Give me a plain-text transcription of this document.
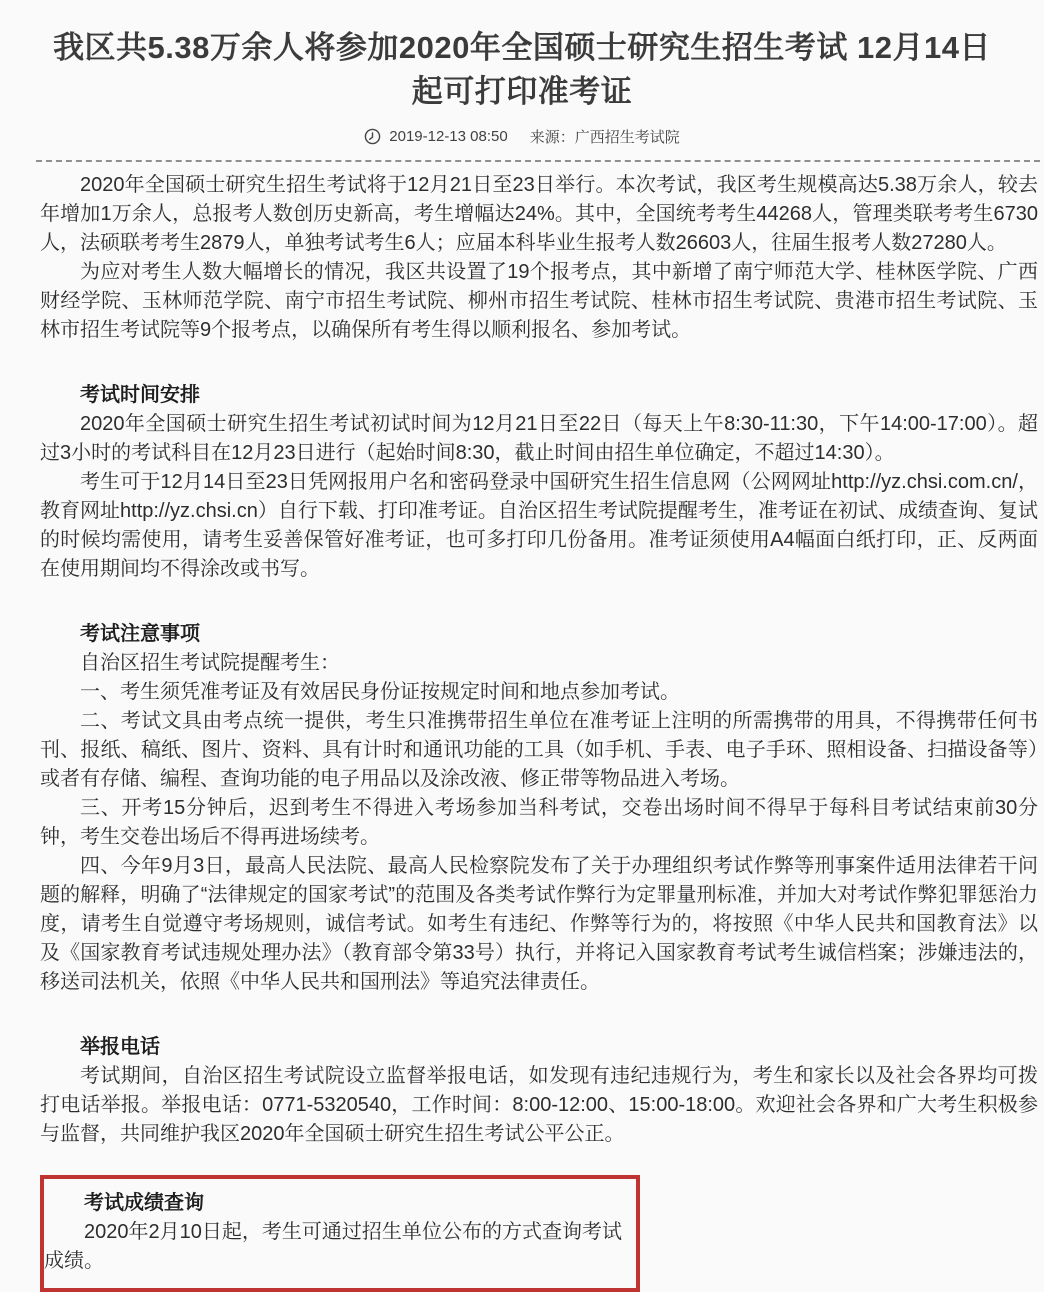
我区共5.38万余人将参加2020年全国硕士研究生招生考试 12月14日起可打印准考证
2019-12-13 08:50 来源：广西招生考试院

2020年全国硕士研究生招生考试将于12月21日至23日举行。本次考试，我区考生规模高达5.38万余人，较去年增加1万余人，总报考人数创历史新高，考生增幅达24%。其中，全国统考考生44268人，管理类联考考生6730人，法硕联考考生2879人，单独考试考生6人；应届本科毕业生报考人数26603人，往届生报考人数27280人。

为应对考生人数大幅增长的情况，我区共设置了19个报考点，其中新增了南宁师范大学、桂林医学院、广西财经学院、玉林师范学院、南宁市招生考试院、柳州市招生考试院、桂林市招生考试院、贵港市招生考试院、玉林市招生考试院等9个报考点，以确保所有考生得以顺利报名、参加考试。

考试时间安排

2020年全国硕士研究生招生考试初试时间为12月21日至22日（每天上午8:30-11:30，下午14:00-17:00）。超过3小时的考试科目在12月23日进行（起始时间8:30，截止时间由招生单位确定，不超过14:30）。

考生可于12月14日至23日凭网报用户名和密码登录中国研究生招生信息网（公网网址http://yz.chsi.com.cn/，教育网址http://yz.chsi.cn）自行下载、打印准考证。自治区招生考试院提醒考生，准考证在初试、成绩查询、复试的时候均需使用，请考生妥善保管好准考证，也可多打印几份备用。准考证须使用A4幅面白纸打印，正、反两面在使用期间均不得涂改或书写。

考试注意事项

自治区招生考试院提醒考生：

一、考生须凭准考证及有效居民身份证按规定时间和地点参加考试。

二、考试文具由考点统一提供，考生只准携带招生单位在准考证上注明的所需携带的用具，不得携带任何书刊、报纸、稿纸、图片、资料、具有计时和通讯功能的工具（如手机、手表、电子手环、照相设备、扫描设备等）或者有存储、编程、查询功能的电子用品以及涂改液、修正带等物品进入考场。

三、开考15分钟后，迟到考生不得进入考场参加当科考试，交卷出场时间不得早于每科目考试结束前30分钟，考生交卷出场后不得再进场续考。

四、今年9月3日，最高人民法院、最高人民检察院发布了关于办理组织考试作弊等刑事案件适用法律若干问题的解释，明确了“法律规定的国家考试”的范围及各类考试作弊行为定罪量刑标准，并加大对考试作弊犯罪惩治力度，请考生自觉遵守考场规则，诚信考试。如考生有违纪、作弊等行为的，将按照《中华人民共和国教育法》以及《国家教育考试违规处理办法》（教育部令第33号）执行，并将记入国家教育考试考生诚信档案；涉嫌违法的，移送司法机关，依照《中华人民共和国刑法》等追究法律责任。

举报电话

考试期间，自治区招生考试院设立监督举报电话，如发现有违纪违规行为，考生和家长以及社会各界均可拨打电话举报。举报电话：0771-5320540，工作时间：8:00-12:00、15:00-18:00。欢迎社会各界和广大考生积极参与监督，共同维护我区2020年全国硕士研究生招生考试公平公正。

考试成绩查询

2020年2月10日起，考生可通过招生单位公布的方式查询考试成绩。
